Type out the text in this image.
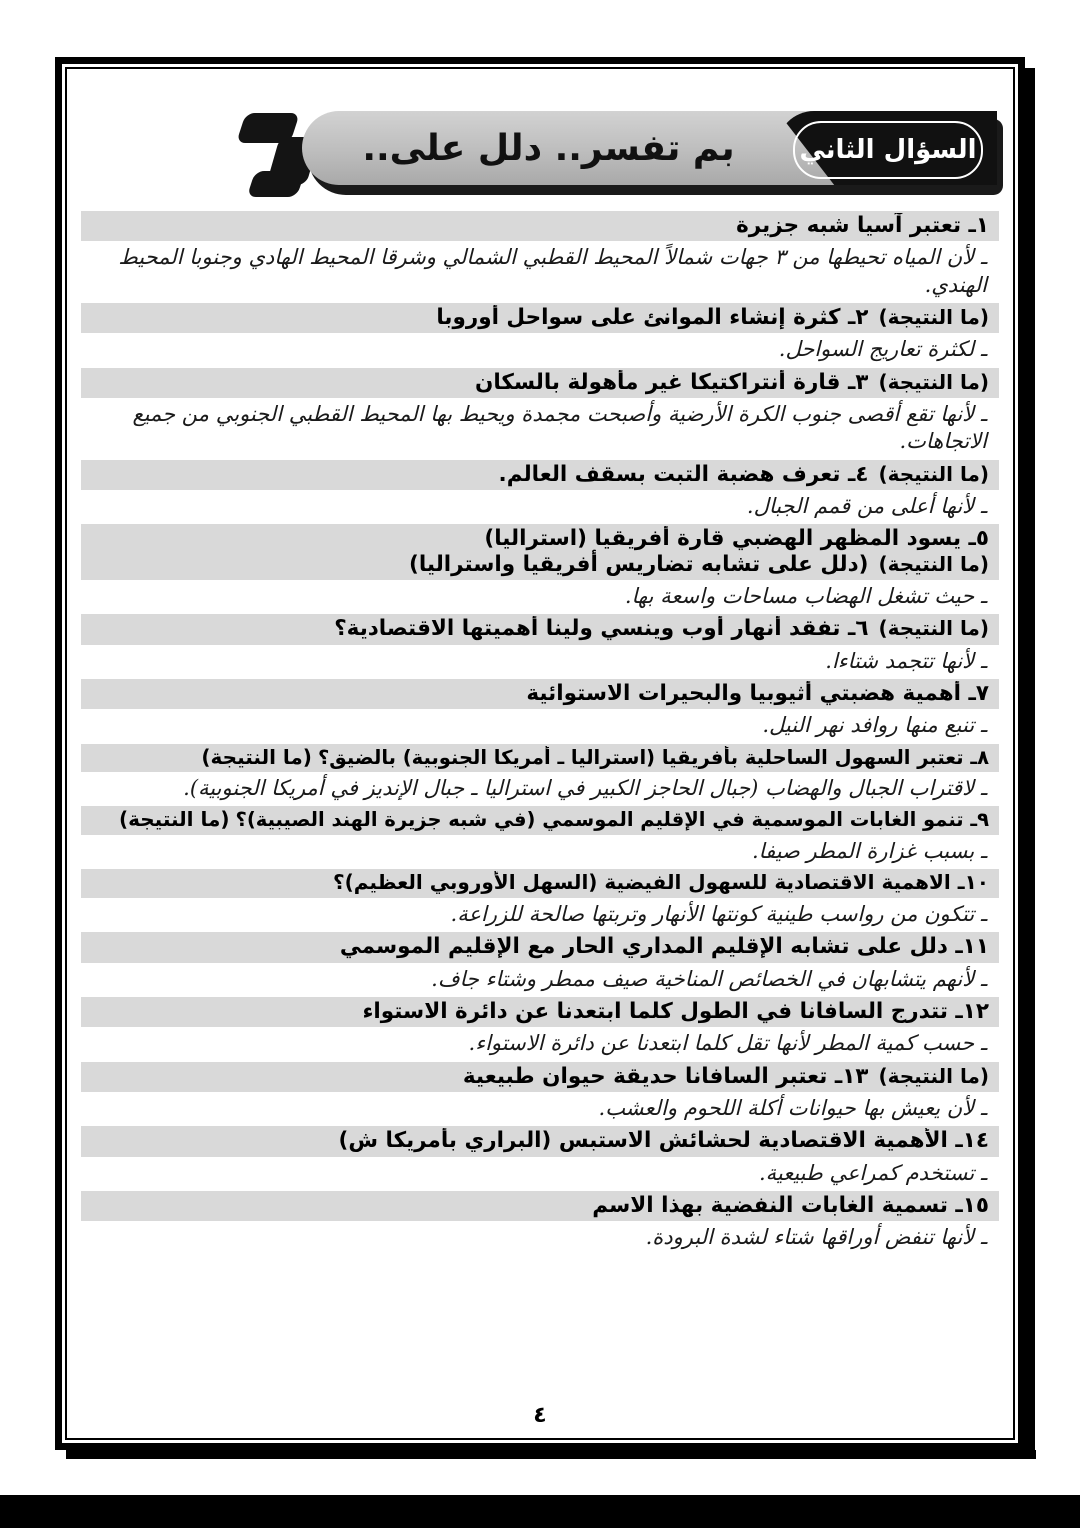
السؤال الثاني
بم تفسر.. دلل على..
١ـ تعتبر آسيا شبه جزيرة
ـ لأن المياه تحيطها من ٣ جهات شمالاً المحيط القطبي الشمالي وشرقا المحيط الهادي وجنوبا المحيط الهندي.
(ما النتيجة)
٢ـ كثرة إنشاء الموانئ على سواحل أوروبا
ـ لكثرة تعاريج السواحل.
(ما النتيجة)
٣ـ قارة أنتراكتيكا غير مأهولة بالسكان
ـ لأنها تقع أقصى جنوب الكرة الأرضية وأصبحت مجمدة ويحيط بها المحيط القطبي الجنوبي من جميع الاتجاهات.
(ما النتيجة)
٤ـ تعرف هضبة التبت بسقف العالم.
ـ لأنها أعلى من قمم الجبال.
٥ـ يسود المظهر الهضبي قارة أفريقيا (استراليا)
(ما النتيجة)
(دلل على تشابه تضاريس أفريقيا واستراليا)
ـ حيث تشغل الهضاب مساحات واسعة بها.
(ما النتيجة)
٦ـ تفقد أنهار أوب وينسي ولينا أهميتها الاقتصادية؟
ـ لأنها تتجمد شتاءا.
٧ـ أهمية هضبتي أثيوبيا والبحيرات الاستوائية
ـ تنبع منها روافد نهر النيل.
٨ـ تعتبر السهول الساحلية بأفريقيا (استراليا ـ أمريكا الجنوبية) بالضيق؟(ما النتيجة)
ـ لاقتراب الجبال والهضاب (جبال الحاجز الكبير في استراليا ـ جبال الإنديز في أمريكا الجنوبية).
٩ـ تنمو الغابات الموسمية في الإقليم الموسمي (في شبه جزيرة الهند الصيبية)؟(ما النتيجة)
ـ بسبب غزارة المطر صيفا.
١٠ـ الاهمية الاقتصادية للسهول الفيضية (السهل الأوروبي العظيم)؟
ـ تتكون من رواسب طينية كونتها الأنهار وتربتها صالحة للزراعة.
١١ـ دلل على تشابه الإقليم المداري الحار مع الإقليم الموسمي
ـ لأنهم يتشابهان في الخصائص المناخية صيف ممطر وشتاء جاف.
١٢ـ تتدرج السافانا في الطول كلما ابتعدنا عن دائرة الاستواء
ـ حسب كمية المطر لأنها تقل كلما ابتعدنا عن دائرة الاستواء.
(ما النتيجة)
١٣ـ تعتبر السافانا حديقة حيوان طبيعية
ـ لأن يعيش بها حيوانات أكلة اللحوم والعشب.
١٤ـ الأهمية الاقتصادية لحشائش الاستبس (البراري بأمريكا ش)
ـ تستخدم كمراعي طبيعية.
١٥ـ تسمية الغابات النفضية بهذا الاسم
ـ لأنها تنفض أوراقها شتاء لشدة البرودة.
٤
